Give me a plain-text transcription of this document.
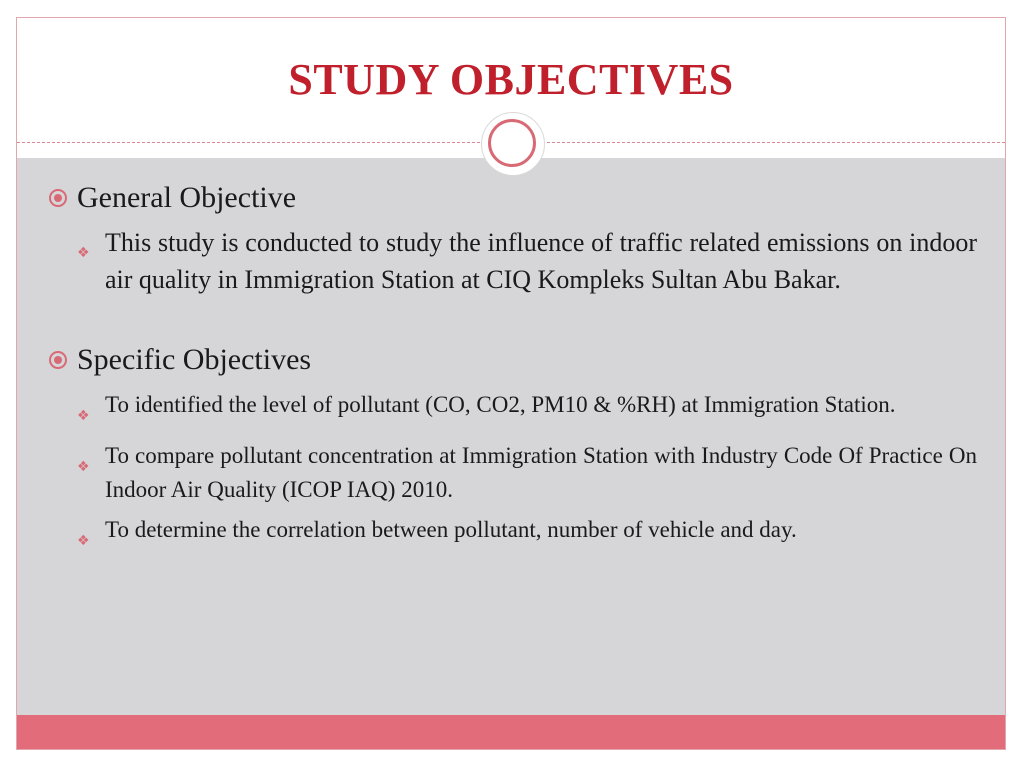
STUDY OBJECTIVES
General Objective
❖ This study is conducted to study the influence of traffic related emissions on indoor air quality in Immigration Station at CIQ Kompleks Sultan Abu Bakar.
Specific Objectives
❖ To identified the level of pollutant (CO, CO2, PM10 & %RH) at Immigration Station.
❖ To compare pollutant concentration at Immigration Station with Industry Code Of Practice On Indoor Air Quality (ICOP IAQ) 2010.
❖ To determine the correlation between pollutant, number of vehicle and day.
